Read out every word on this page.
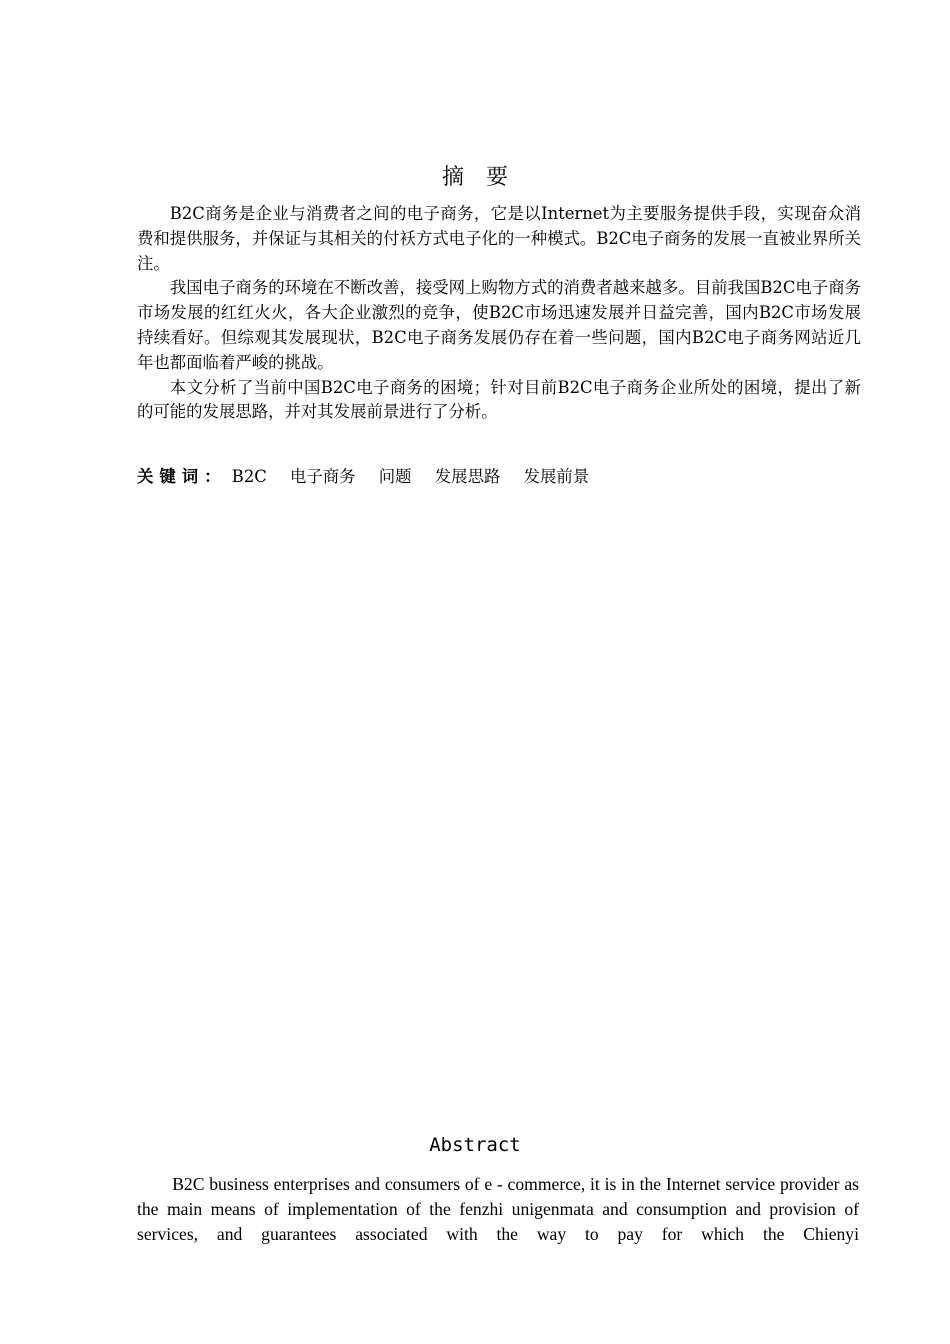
摘 要

B2C商务是企业与消费者之间的电子商务，它是以Internet为主要服务提供手段，实现奋众消费和提供服务，并保证与其相关的付袄方式电子化的一种模式。B2C电子商务的发展一直被业界所关注。

我国电子商务的环境在不断改善，接受网上购物方式的消费者越来越多。目前我国B2C电子商务市场发展的红红火火，各大企业激烈的竞争，使B2C市场迅速发展并日益完善，国内B2C市场发展持续看好。但综观其发展现状，B2C电子商务发展仍存在着一些问题，国内B2C电子商务网站近几年也都面临着严峻的挑战。

本文分析了当前中国B2C电子商务的困境；针对目前B2C电子商务企业所处的困境，提出了新的可能的发展思路，并对其发展前景进行了分析。

关键词： B2C 电子商务 问题 发展思路 发展前景
Abstract

B2C business enterprises and consumers of e - commerce, it is in the Internet service provider as the main means of implementation of the fenzhi unigenmata and consumption and provision of services, and guarantees associated with the way to pay for which the Chienyi
